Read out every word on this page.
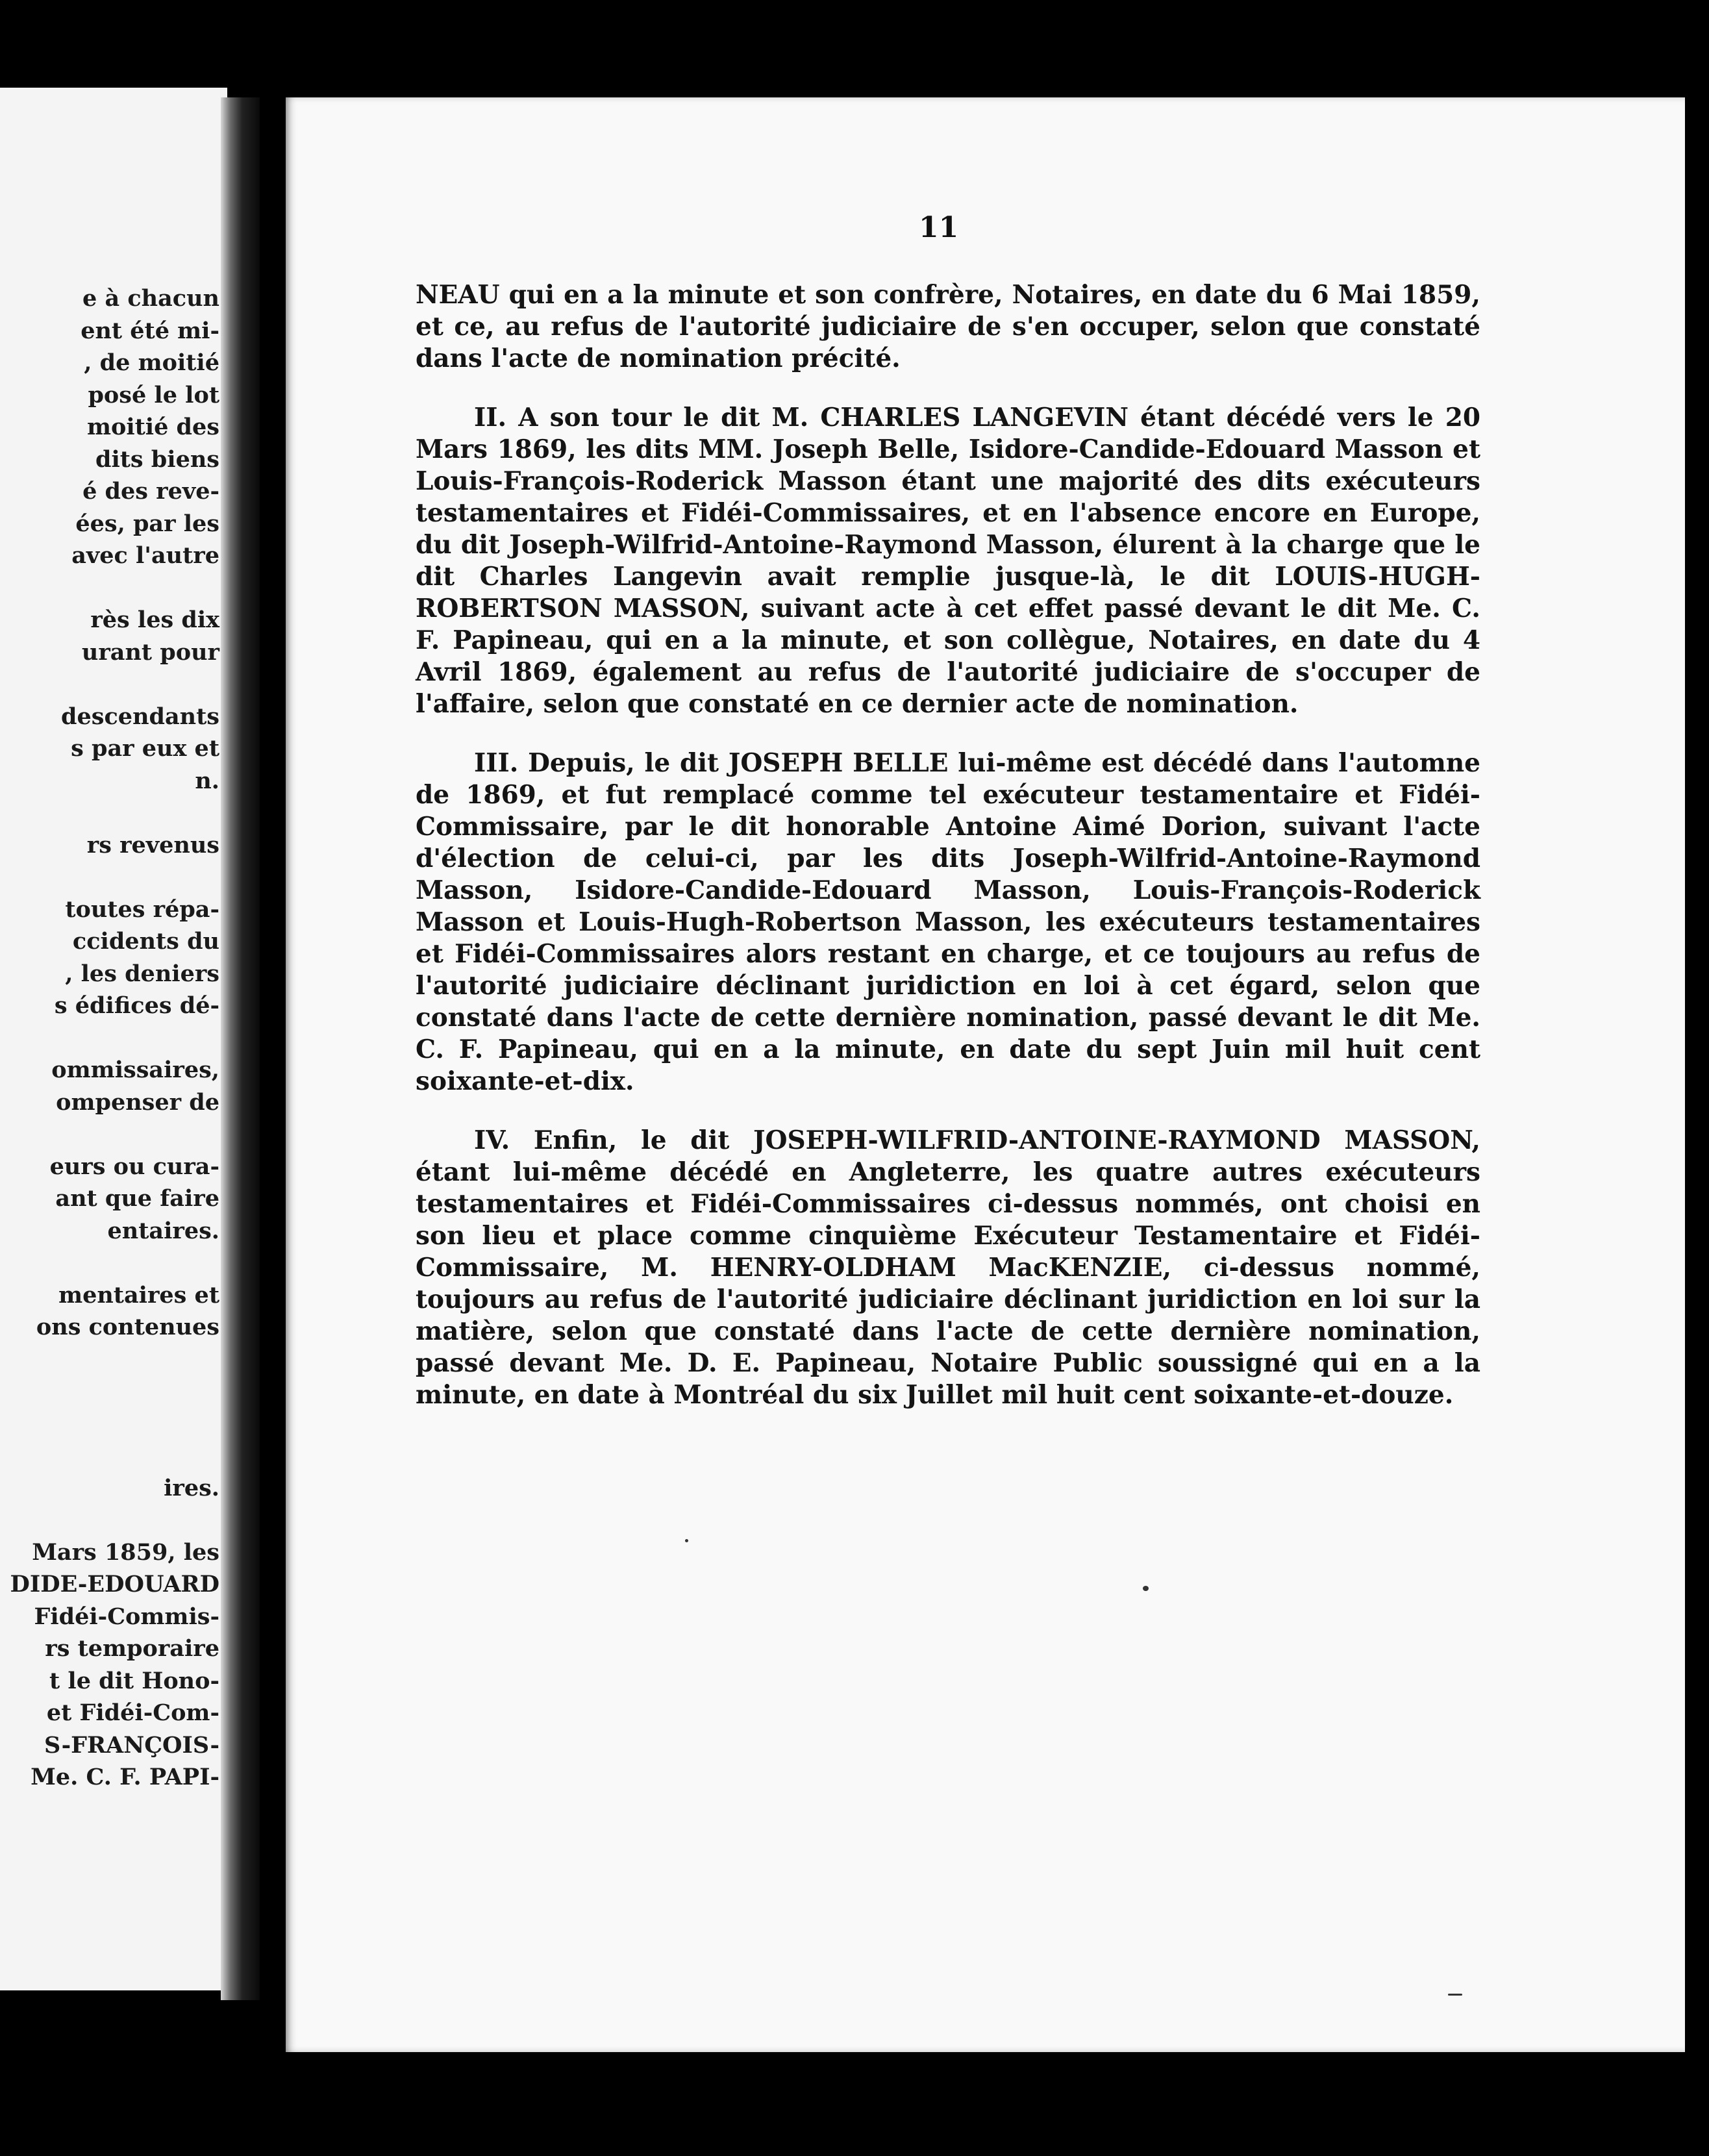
e à chacun
ent été mi-
, de moitié
posé le lot
moitié des
dits biens
é des reve-
ées, par les
avec l'autre
rès les dix
urant pour
descendants
s par eux et
n.
rs revenus
toutes répa-
ccidents du
, les deniers
s édifices dé-
ommissaires,
ompenser de
eurs ou cura-
ant que faire
entaires.
mentaires et
ons contenues
ires.
Mars 1859, les
DIDE-EDOUARD
Fidéi-Commis-
rs temporaire
t le dit Hono-
et Fidéi-Com-
S-FRANÇOIS-
Me. C. F. PAPI-
11

NEAU qui en a la minute et son confrère, Notaires, en date du 6 Mai 1859, et ce, au refus de l'autorité judiciaire de s'en occuper, selon que constaté dans l'acte de nomination précité.

II. A son tour le dit M. CHARLES LANGEVIN étant décédé vers le 20 Mars 1869, les dits MM. Joseph Belle, Isidore-Candide-Edouard Masson et Louis-François-Roderick Masson étant une majorité des dits exécuteurs testamentaires et Fidéi-Commissaires, et en l'absence encore en Europe, du dit Joseph-Wilfrid-Antoine-Raymond Masson, élurent à la charge que le dit Charles Langevin avait remplie jusque-là, le dit LOUIS-HUGH-ROBERTSON MASSON, suivant acte à cet effet passé devant le dit Me. C. F. Papineau, qui en a la minute, et son collègue, Notaires, en date du 4 Avril 1869, également au refus de l'autorité judiciaire de s'occuper de l'affaire, selon que constaté en ce dernier acte de nomination.

III. Depuis, le dit JOSEPH BELLE lui-même est décédé dans l'automne de 1869, et fut remplacé comme tel exécuteur testamentaire et Fidéi-Commissaire, par le dit honorable Antoine Aimé Dorion, suivant l'acte d'élection de celui-ci, par les dits Joseph-Wilfrid-Antoine-Raymond Masson, Isidore-Candide-Edouard Masson, Louis-François-Roderick Masson et Louis-Hugh-Robertson Masson, les exécuteurs testamentaires et Fidéi-Commissaires alors restant en charge, et ce toujours au refus de l'autorité judiciaire déclinant juridiction en loi à cet égard, selon que constaté dans l'acte de cette dernière nomination, passé devant le dit Me. C. F. Papineau, qui en a la minute, en date du sept Juin mil huit cent soixante-et-dix.

IV. Enfin, le dit JOSEPH-WILFRID-ANTOINE-RAYMOND MASSON, étant lui-même décédé en Angleterre, les quatre autres exécuteurs testamentaires et Fidéi-Commissaires ci-dessus nommés, ont choisi en son lieu et place comme cinquième Exécuteur Testamentaire et Fidéi-Commissaire, M. HENRY-OLDHAM MacKENZIE, ci-dessus nommé, toujours au refus de l'autorité judiciaire déclinant juridiction en loi sur la matière, selon que constaté dans l'acte de cette dernière nomination, passé devant Me. D. E. Papineau, Notaire Public soussigné qui en a la minute, en date à Montréal du six Juillet mil huit cent soixante-et-douze.
